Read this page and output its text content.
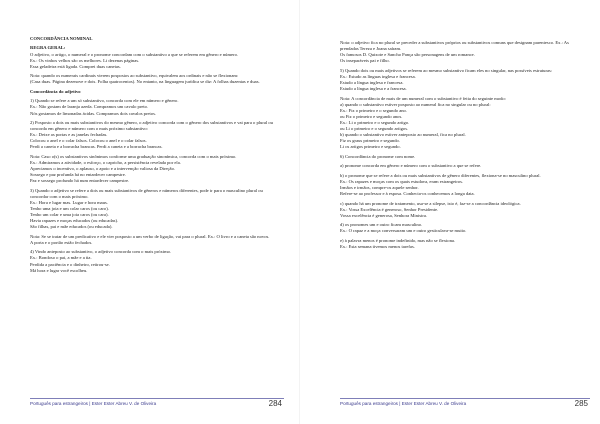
CONCORDÂNCIA NOMINAL

REGRA GERAL:

O adjetivo, o artigo, o numeral e o pronome concordam com o substantivo a que se referem em gênero e número.

Ex.: Os vinhos velhos são os melhores. Li dezenas páginas.

Essa geladeira está ligada. Comprei duas canetas.

Nota: quando os numerais cardinais vierem pospostos ao substantivo, equivalem aos ordinais e não se flexionam:

(Casa duas. Página dezenove e dois. Folha quatrocentos). No entanto, na linguagem jurídica se diz: A folhas duzentas e duas.

Concordância do adjetivo

1) Quando se refere a um só substantivo, concorda com ele em número e gênero.

Ex.: Não gostam de laranja azeda. Compramos um cavalo preto.

Nós gostamos de limonadas ácidas. Compramos dois cavalos pretos.

2) Posposto a dois ou mais substantivos do mesmo gênero, o adjetivo concorda com o gênero dos substantivos e vai para o plural ou concorda em gênero e número com o mais próximo substantivo:

Ex.: Deixe as portas e as janelas fechadas.

Colocou o anel e o colar falsos. Colocou o anel e o colar falsos.

Perdi a caneta e a borracha brancas. Perdi a caneta e a borracha brancas.

Nota: Caso o(s) os substantivos sinônimos conforme uma graduação sinonímica, concorda com o mais próximo.

Ex.: Admiramos a atividade, o esforço, o capricho, a persistência revelada por ela.

Apreciamos o incentivo, o aplauso, o apoio e a intervenção valiosa da Direção.

Sossego e paz profunda há no entardecer campestre.

Paz e sossego profundo há num entardecer campestre.

3) Quando o adjetivo se refere a dois ou mais substantivos de gêneros e números diferentes, pode ir para o masculino plural ou concordar com o mais próximo.

Ex.: Hora e lugar mas. Lugar e hora maus.

Tenho uma joia e um colar caros (ou caro).

Tenho um colar e uma joia caros (ou cara).

Havia rapazes e moças educados (ou educadas).

São filhas, pai e mãe educados (ou educada).

Nota: Se se tratar de um predicativo e ele vier posposto a um verbo de ligação, vai para o plural. Ex.: O livro e a caneta são novos.

A porta e o portão estão fechados.

4) Vindo anteposto ao substantivo, o adjetivo concorda com o mais próximo.

Ex.: Bondoso o pai, a mãe e a tia.

Perdida a paciência e o dinheiro, retirou-se.

Má hora e lugar você escolheu.

Nota: o adjetivo fica no plural se preceder a substantivos próprios ou substantivos comuns que designam parentesco. Ex.: As prendadas Tereza e Joana saíram.

Os famosos D. Quixote e Sancho Pança são personagens de um romance.

Os inseparáveis pai e filho.

5) Quando dois ou mais adjetivos se referem ao mesmo substantivo ficam eles no singular, nas possíveis estruturas:

Ex.: Estudo as línguas inglesa e francesa.

Estudo a língua inglesa e francesa.

Estudo a língua inglesa e a francesa.

Nota: A concordância de mais de um numeral com o substantivo é feita do seguinte modo:

a) quando o substantivo estiver posposto ao numeral fica no singular ou no plural:

Ex.: Fiz o primeiro e o segundo ano.

ou Fiz o primeiro e segundo anos.

Ex.: Li o primeiro e o segundo artigo.

ou Li o primeiro e o segundo artigos.

b) quando o substantivo estiver anteposto ao numeral, fica no plural.

Fiz os graus primeiro e segundo.

Li os artigos primeiro e segundo.

6) Concordância do pronome com nome.

a) pronome concorda em gênero e número com o substantivo a que se refere.

b) o pronome que se refere a dois ou mais substantivos de gênero diferentes, flexiona-se no masculino plural.

Ex.: Os rapazes e moças com os quais estudava, eram estrangeiros.

Irmãos e irmãos, compre-os aquele senhor.

Refere-se ao professor e à esposa. Conhecia-os conhecemos a longa data.

c) quando há um pronome de tratamento, usa-se a silepse, isto é, faz-se a concordância ideológica.

Ex.: Vossa Excelência é generoso, Senhor Presidente.

Vossa excelência é generosa, Senhora Ministra.

d) os pronomes um e outro ficam masculino.

Ex.: O rapaz e a moça conversaram um e outro gesticulava-se muito.

e) à palavra menos é pronome indefinido, mas não se flexiona.

Ex.: Esta semana tivemos menos tarefas.

Português para estrangeiros | Ester Ester Abreu V. de Oliveira	284	Português para estrangeiros | Ester Ester Abreu V. de Oliveira	285
